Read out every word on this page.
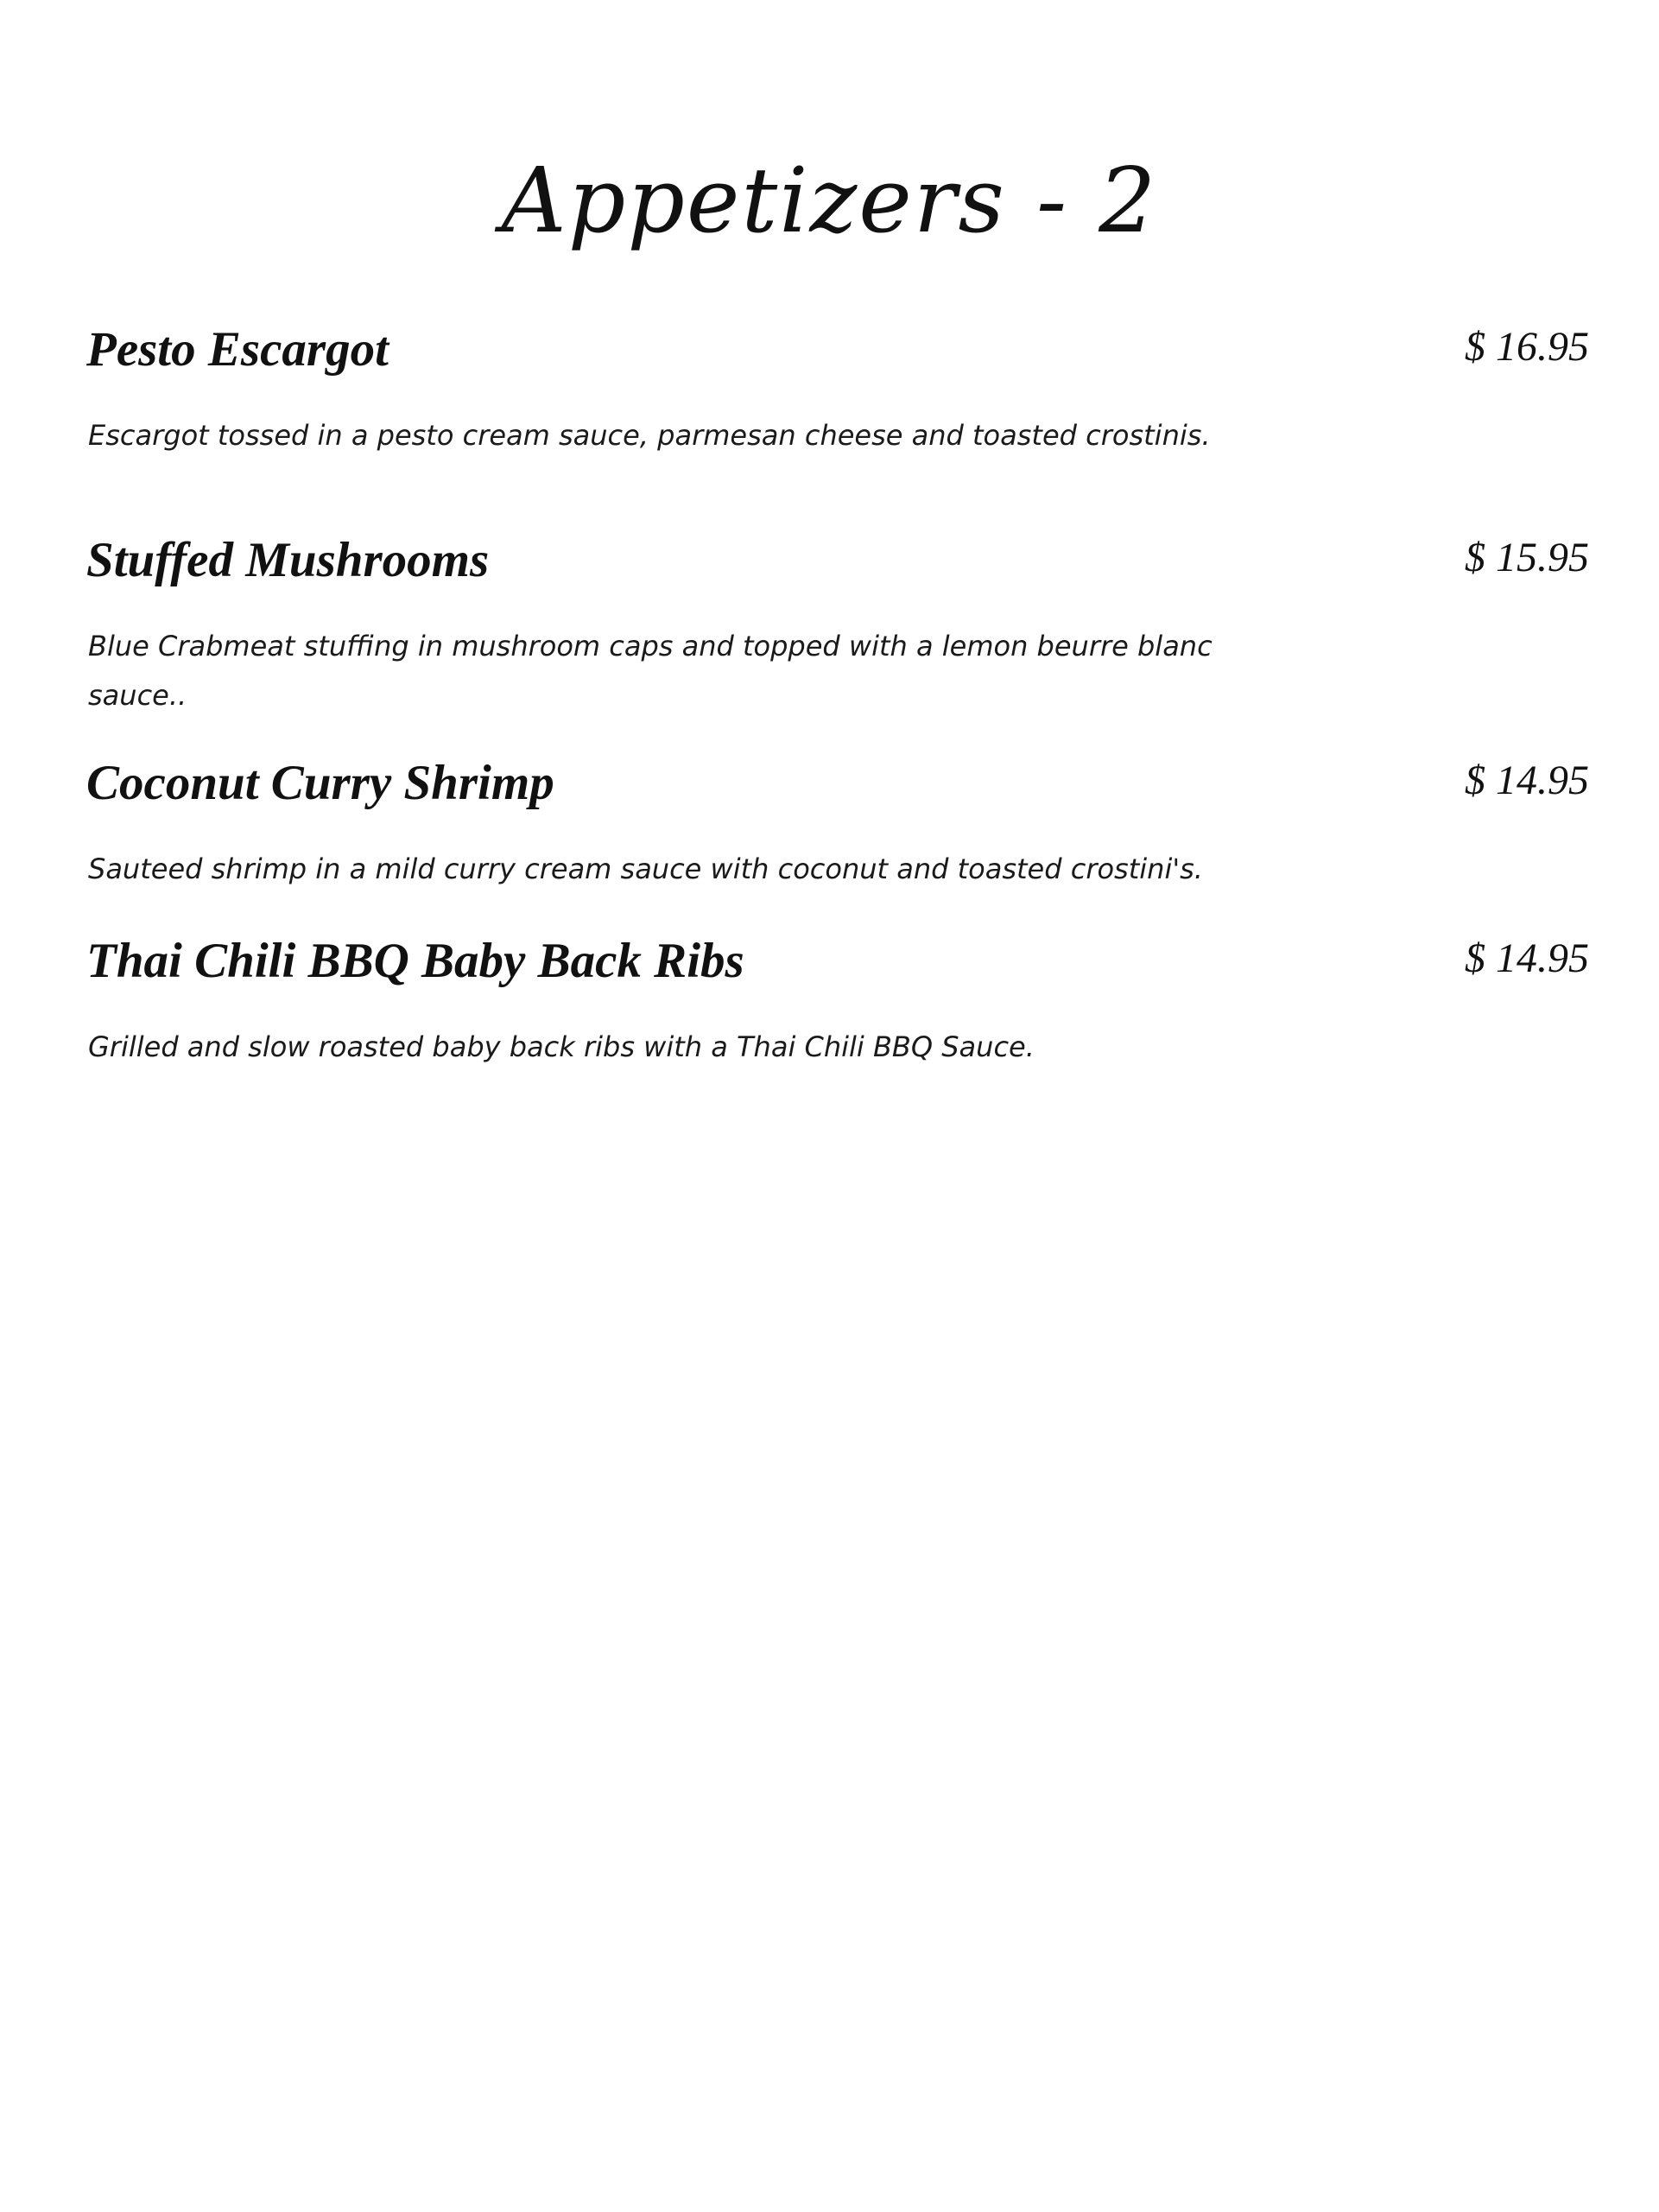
Appetizers - 2
Pesto Escargot	$ 16.95
Escargot tossed in a pesto cream sauce, parmesan cheese and toasted crostinis.
Stuffed Mushrooms	$ 15.95
Blue Crabmeat stuffing in mushroom caps and topped with a lemon beurre blanc sauce..
Coconut Curry Shrimp	$ 14.95
Sauteed shrimp in a mild curry cream sauce with coconut and toasted crostini's.
Thai Chili BBQ Baby Back Ribs	$ 14.95
Grilled and slow roasted baby back ribs with a Thai Chili BBQ Sauce.
